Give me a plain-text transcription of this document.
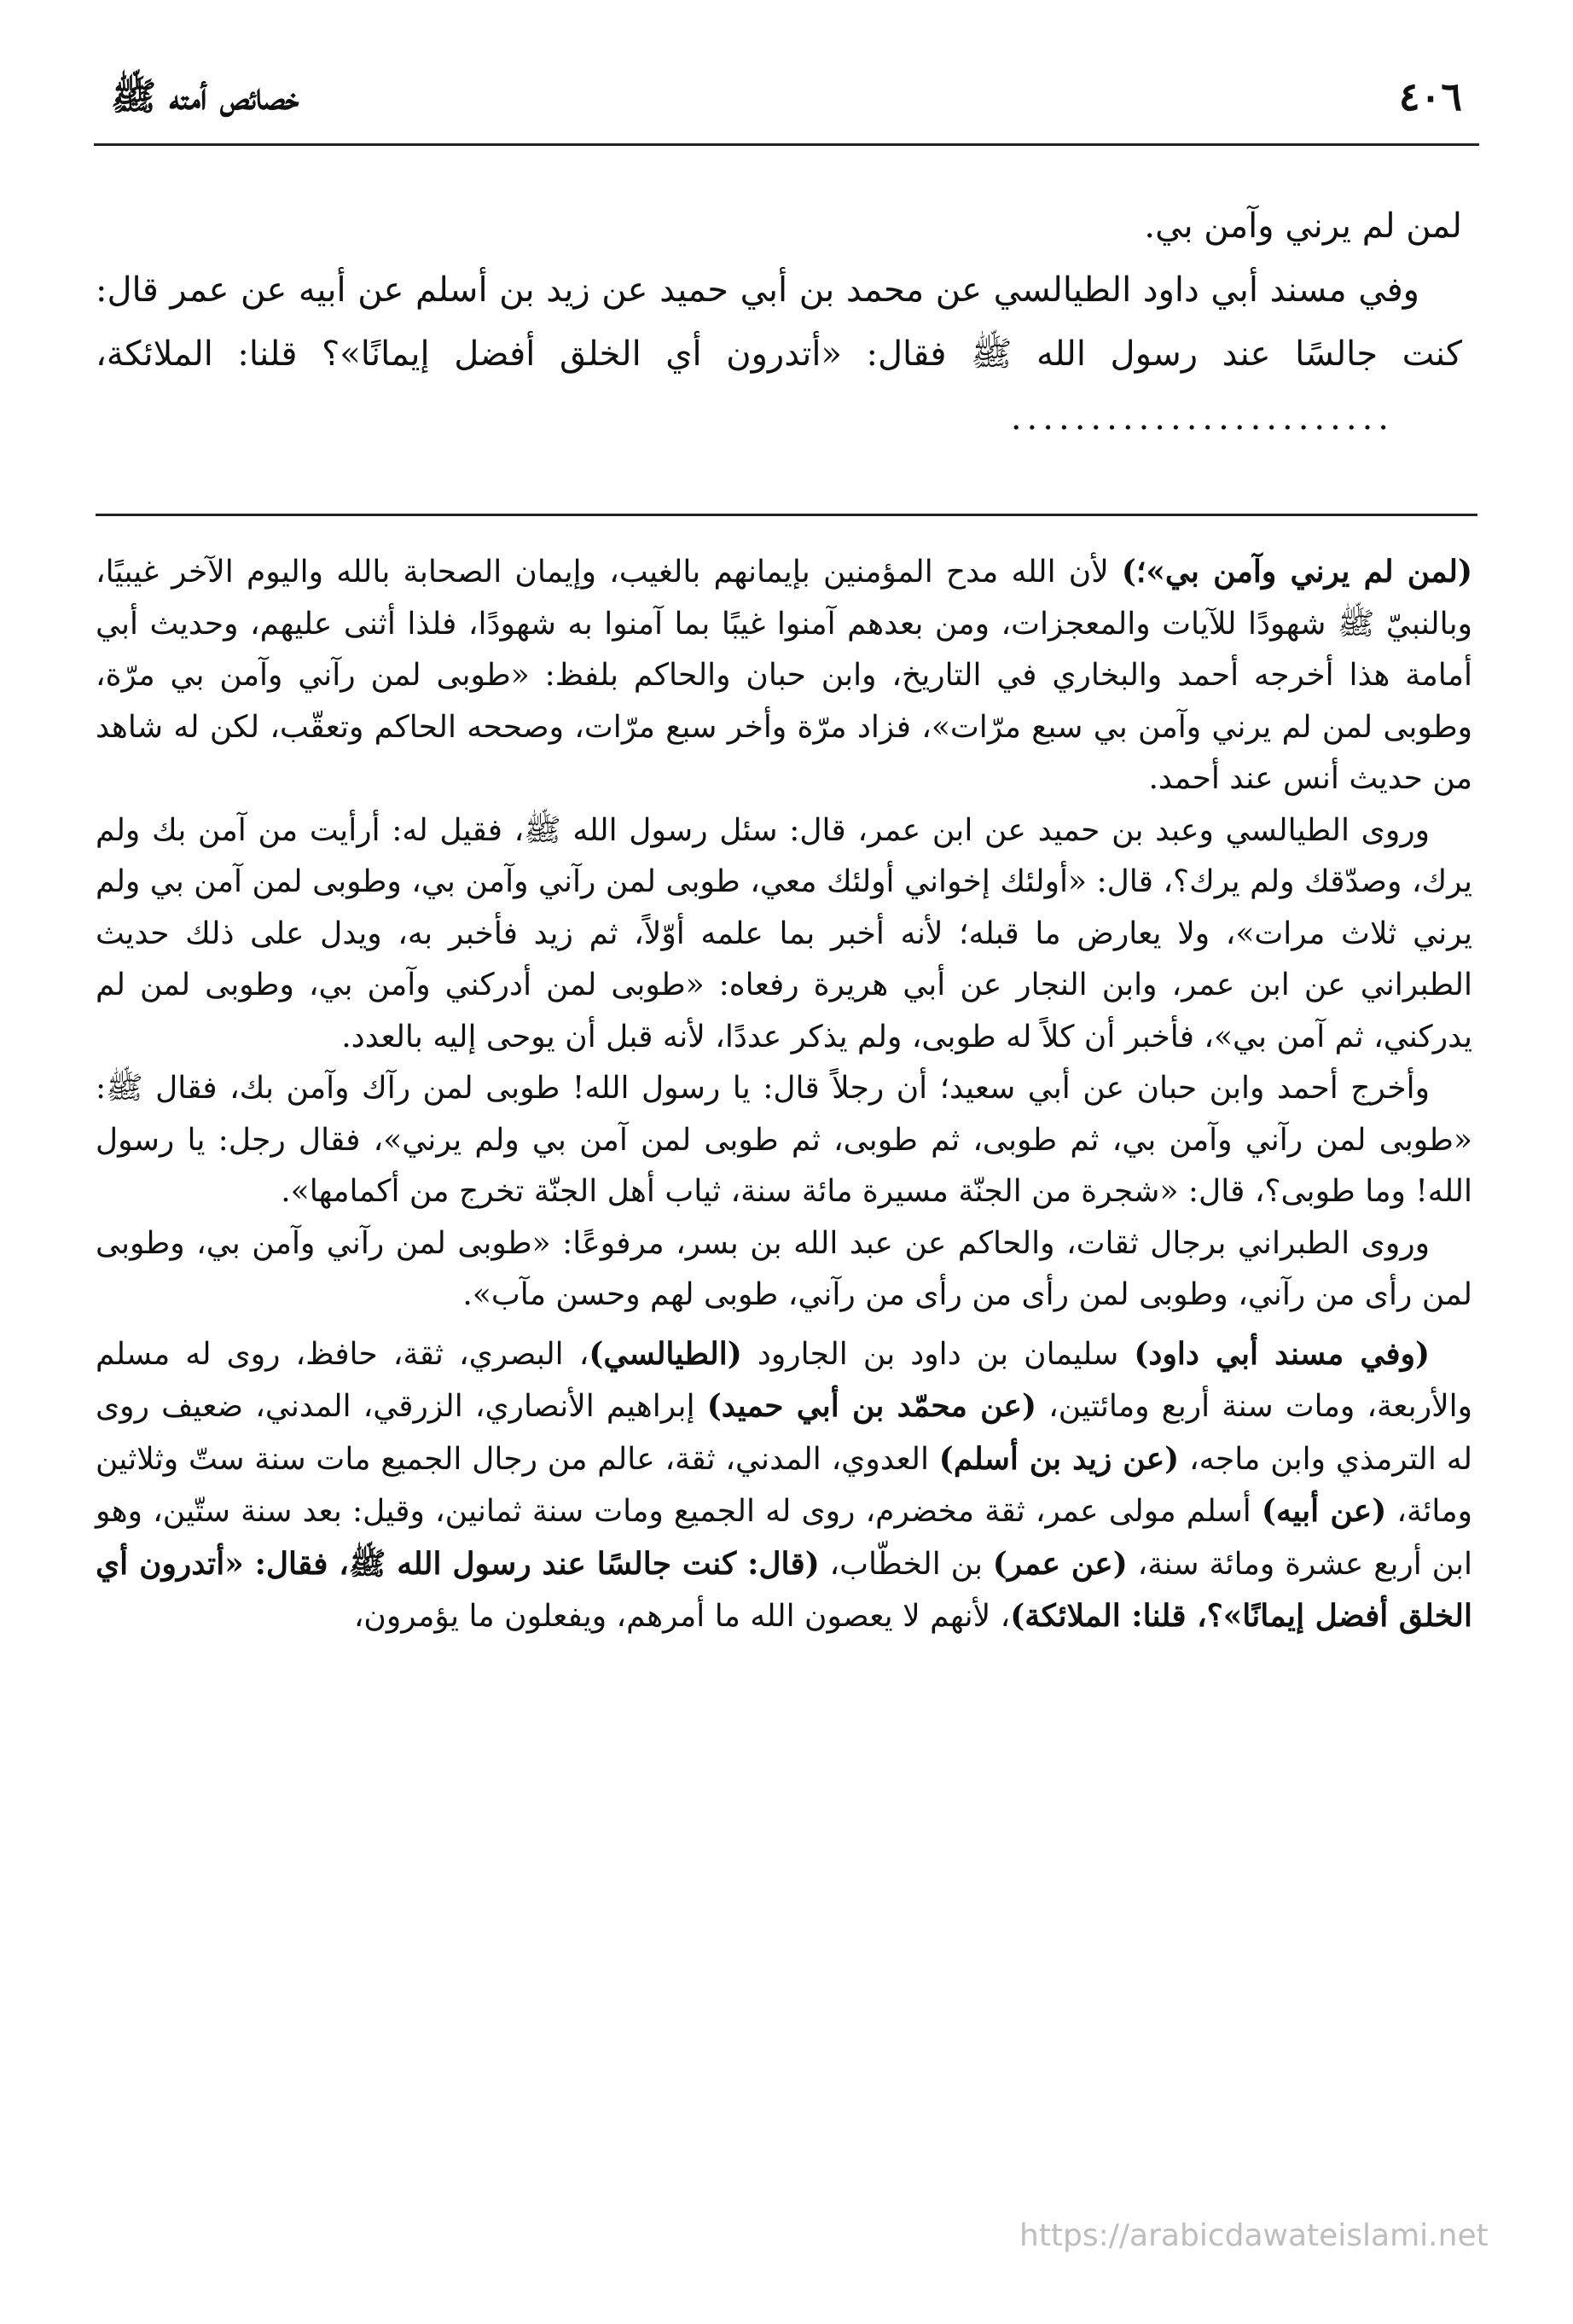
٤٠٦
خصائص أمته ﷺ

لمن لم يرني وآمن بي.

وفي مسند أبي داود الطيالسي عن محمد بن أبي حميد عن زيد بن أسلم عن أبيه عن عمر قال: كنت جالسًا عند رسول الله ﷺ فقال: «أتدرون أي الخلق أفضل إيمانًا»؟ قلنا: الملائكة،........................

(لمن لم يرني وآمن بي»؛) لأن الله مدح المؤمنين بإيمانهم بالغيب، وإيمان الصحابة بالله واليوم الآخر غيبيًا، وبالنبيّ ﷺ شهودًا للآيات والمعجزات، ومن بعدهم آمنوا غيبًا بما آمنوا به شهودًا، فلذا أثنى عليهم، وحديث أبي أمامة هذا أخرجه أحمد والبخاري في التاريخ، وابن حبان والحاكم بلفظ: «طوبى لمن رآني وآمن بي مرّة، وطوبى لمن لم يرني وآمن بي سبع مرّات»، فزاد مرّة وأخر سبع مرّات، وصححه الحاكم وتعقّب، لكن له شاهد من حديث أنس عند أحمد.

وروى الطيالسي وعبد بن حميد عن ابن عمر، قال: سئل رسول الله ﷺ، فقيل له: أرأيت من آمن بك ولم يرك، وصدّقك ولم يرك؟، قال: «أولئك إخواني أولئك معي، طوبى لمن رآني وآمن بي، وطوبى لمن آمن بي ولم يرني ثلاث مرات»، ولا يعارض ما قبله؛ لأنه أخبر بما علمه أوّلاً، ثم زيد فأخبر به، ويدل على ذلك حديث الطبراني عن ابن عمر، وابن النجار عن أبي هريرة رفعاه: «طوبى لمن أدركني وآمن بي، وطوبى لمن لم يدركني، ثم آمن بي»، فأخبر أن كلاً له طوبى، ولم يذكر عددًا، لأنه قبل أن يوحى إليه بالعدد.

وأخرج أحمد وابن حبان عن أبي سعيد؛ أن رجلاً قال: يا رسول الله! طوبى لمن رآك وآمن بك، فقال ﷺ: «طوبى لمن رآني وآمن بي، ثم طوبى، ثم طوبى، ثم طوبى لمن آمن بي ولم يرني»، فقال رجل: يا رسول الله! وما طوبى؟، قال: «شجرة من الجنّة مسيرة مائة سنة، ثياب أهل الجنّة تخرج من أكمامها».

وروى الطبراني برجال ثقات، والحاكم عن عبد الله بن بسر، مرفوعًا: «طوبى لمن رآني وآمن بي، وطوبى لمن رأى من رآني، وطوبى لمن رأى من رأى من رآني، طوبى لهم وحسن مآب».

(وفي مسند أبي داود) سليمان بن داود بن الجارود (الطيالسي)، البصري، ثقة، حافظ، روى له مسلم والأربعة، ومات سنة أربع ومائتين، (عن محمّد بن أبي حميد) إبراهيم الأنصاري، الزرقي، المدني، ضعيف روى له الترمذي وابن ماجه، (عن زيد بن أسلم) العدوي، المدني، ثقة، عالم من رجال الجميع مات سنة ستّ وثلاثين ومائة، (عن أبيه) أسلم مولى عمر، ثقة مخضرم، روى له الجميع ومات سنة ثمانين، وقيل: بعد سنة ستّين، وهو ابن أربع عشرة ومائة سنة، (عن عمر) بن الخطّاب، (قال: كنت جالسًا عند رسول الله ﷺ، فقال: «أتدرون أي الخلق أفضل إيمانًا»؟، قلنا: الملائكة)، لأنهم لا يعصون الله ما أمرهم، ويفعلون ما يؤمرون،

https://arabicdawateislami.net
